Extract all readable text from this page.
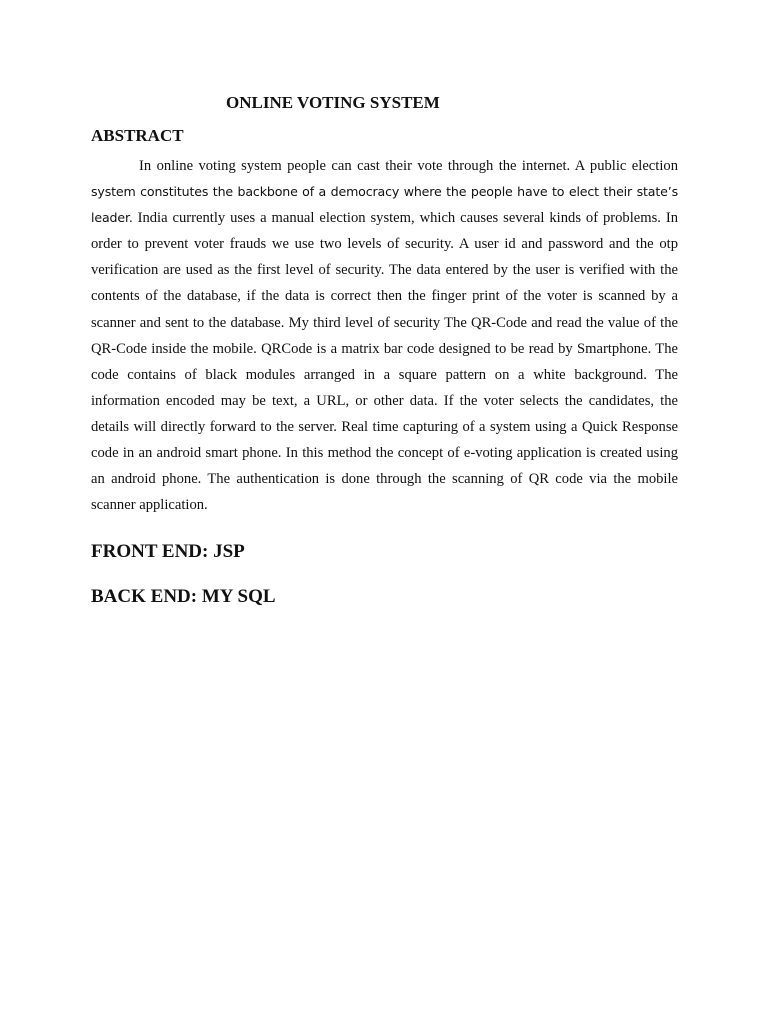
ONLINE VOTING SYSTEM
ABSTRACT

In online voting system people can cast their vote through the internet. A public election system constitutes the backbone of a democracy where the people have to elect their state’s leader. India currently uses a manual election system, which causes several kinds of problems. In order to prevent voter frauds we use two levels of security. A user id and password and the otp verification are used as the first level of security. The data entered by the user is verified with the contents of the database, if the data is correct then the finger print of the voter is scanned by a scanner and sent to the database. My third level of security The QR-Code and read the value of the QR-Code inside the mobile. QRCode is a matrix bar code designed to be read by Smartphone. The code contains of black modules arranged in a square pattern on a white background. The information encoded may be text, a URL, or other data. If the voter selects the candidates, the details will directly forward to the server. Real time capturing of a system using a Quick Response code in an android smart phone. In this method the concept of e-voting application is created using an android phone. The authentication is done through the scanning of QR code via the mobile scanner application.

FRONT END: JSP
BACK END: MY SQL
